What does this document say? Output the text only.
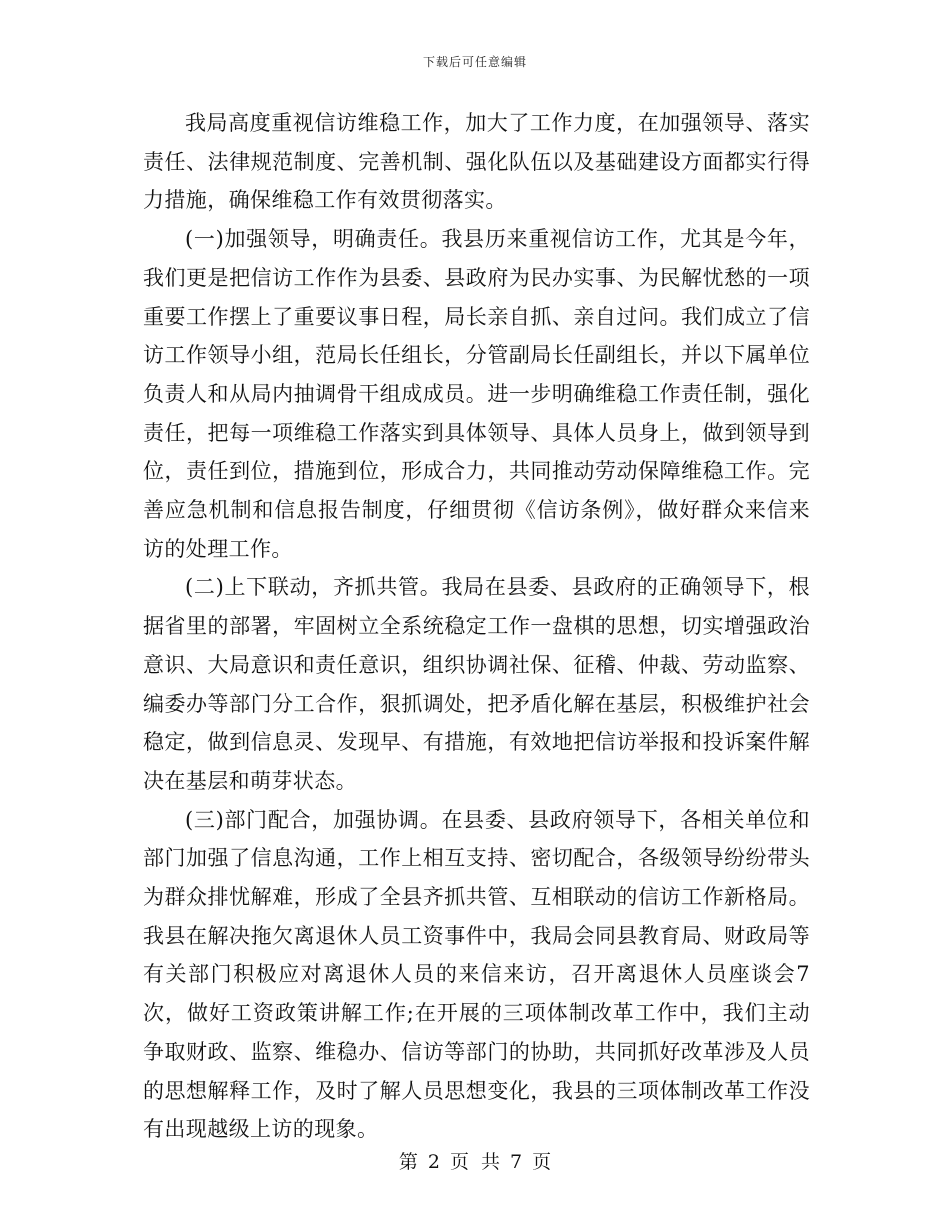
下载后可任意编辑

我局高度重视信访维稳工作，加大了工作力度，在加强领导、落实责任、法律规范制度、完善机制、强化队伍以及基础建设方面都实行得力措施，确保维稳工作有效贯彻落实。

(一)加强领导，明确责任。我县历来重视信访工作，尤其是今年，我们更是把信访工作作为县委、县政府为民办实事、为民解忧愁的一项重要工作摆上了重要议事日程，局长亲自抓、亲自过问。我们成立了信访工作领导小组，范局长任组长，分管副局长任副组长，并以下属单位负责人和从局内抽调骨干组成成员。进一步明确维稳工作责任制，强化责任，把每一项维稳工作落实到具体领导、具体人员身上，做到领导到位，责任到位，措施到位，形成合力，共同推动劳动保障维稳工作。完善应急机制和信息报告制度，仔细贯彻《信访条例》，做好群众来信来访的处理工作。

(二)上下联动，齐抓共管。我局在县委、县政府的正确领导下，根据省里的部署，牢固树立全系统稳定工作一盘棋的思想，切实增强政治意识、大局意识和责任意识，组织协调社保、征稽、仲裁、劳动监察、编委办等部门分工合作，狠抓调处，把矛盾化解在基层，积极维护社会稳定，做到信息灵、发现早、有措施，有效地把信访举报和投诉案件解决在基层和萌芽状态。

(三)部门配合，加强协调。在县委、县政府领导下，各相关单位和部门加强了信息沟通，工作上相互支持、密切配合，各级领导纷纷带头为群众排忧解难，形成了全县齐抓共管、互相联动的信访工作新格局。我县在解决拖欠离退休人员工资事件中，我局会同县教育局、财政局等有关部门积极应对离退休人员的来信来访，召开离退休人员座谈会7次，做好工资政策讲解工作;在开展的三项体制改革工作中，我们主动争取财政、监察、维稳办、信访等部门的协助，共同抓好改革涉及人员的思想解释工作，及时了解人员思想变化，我县的三项体制改革工作没有出现越级上访的现象。

第 2 页 共 7 页
